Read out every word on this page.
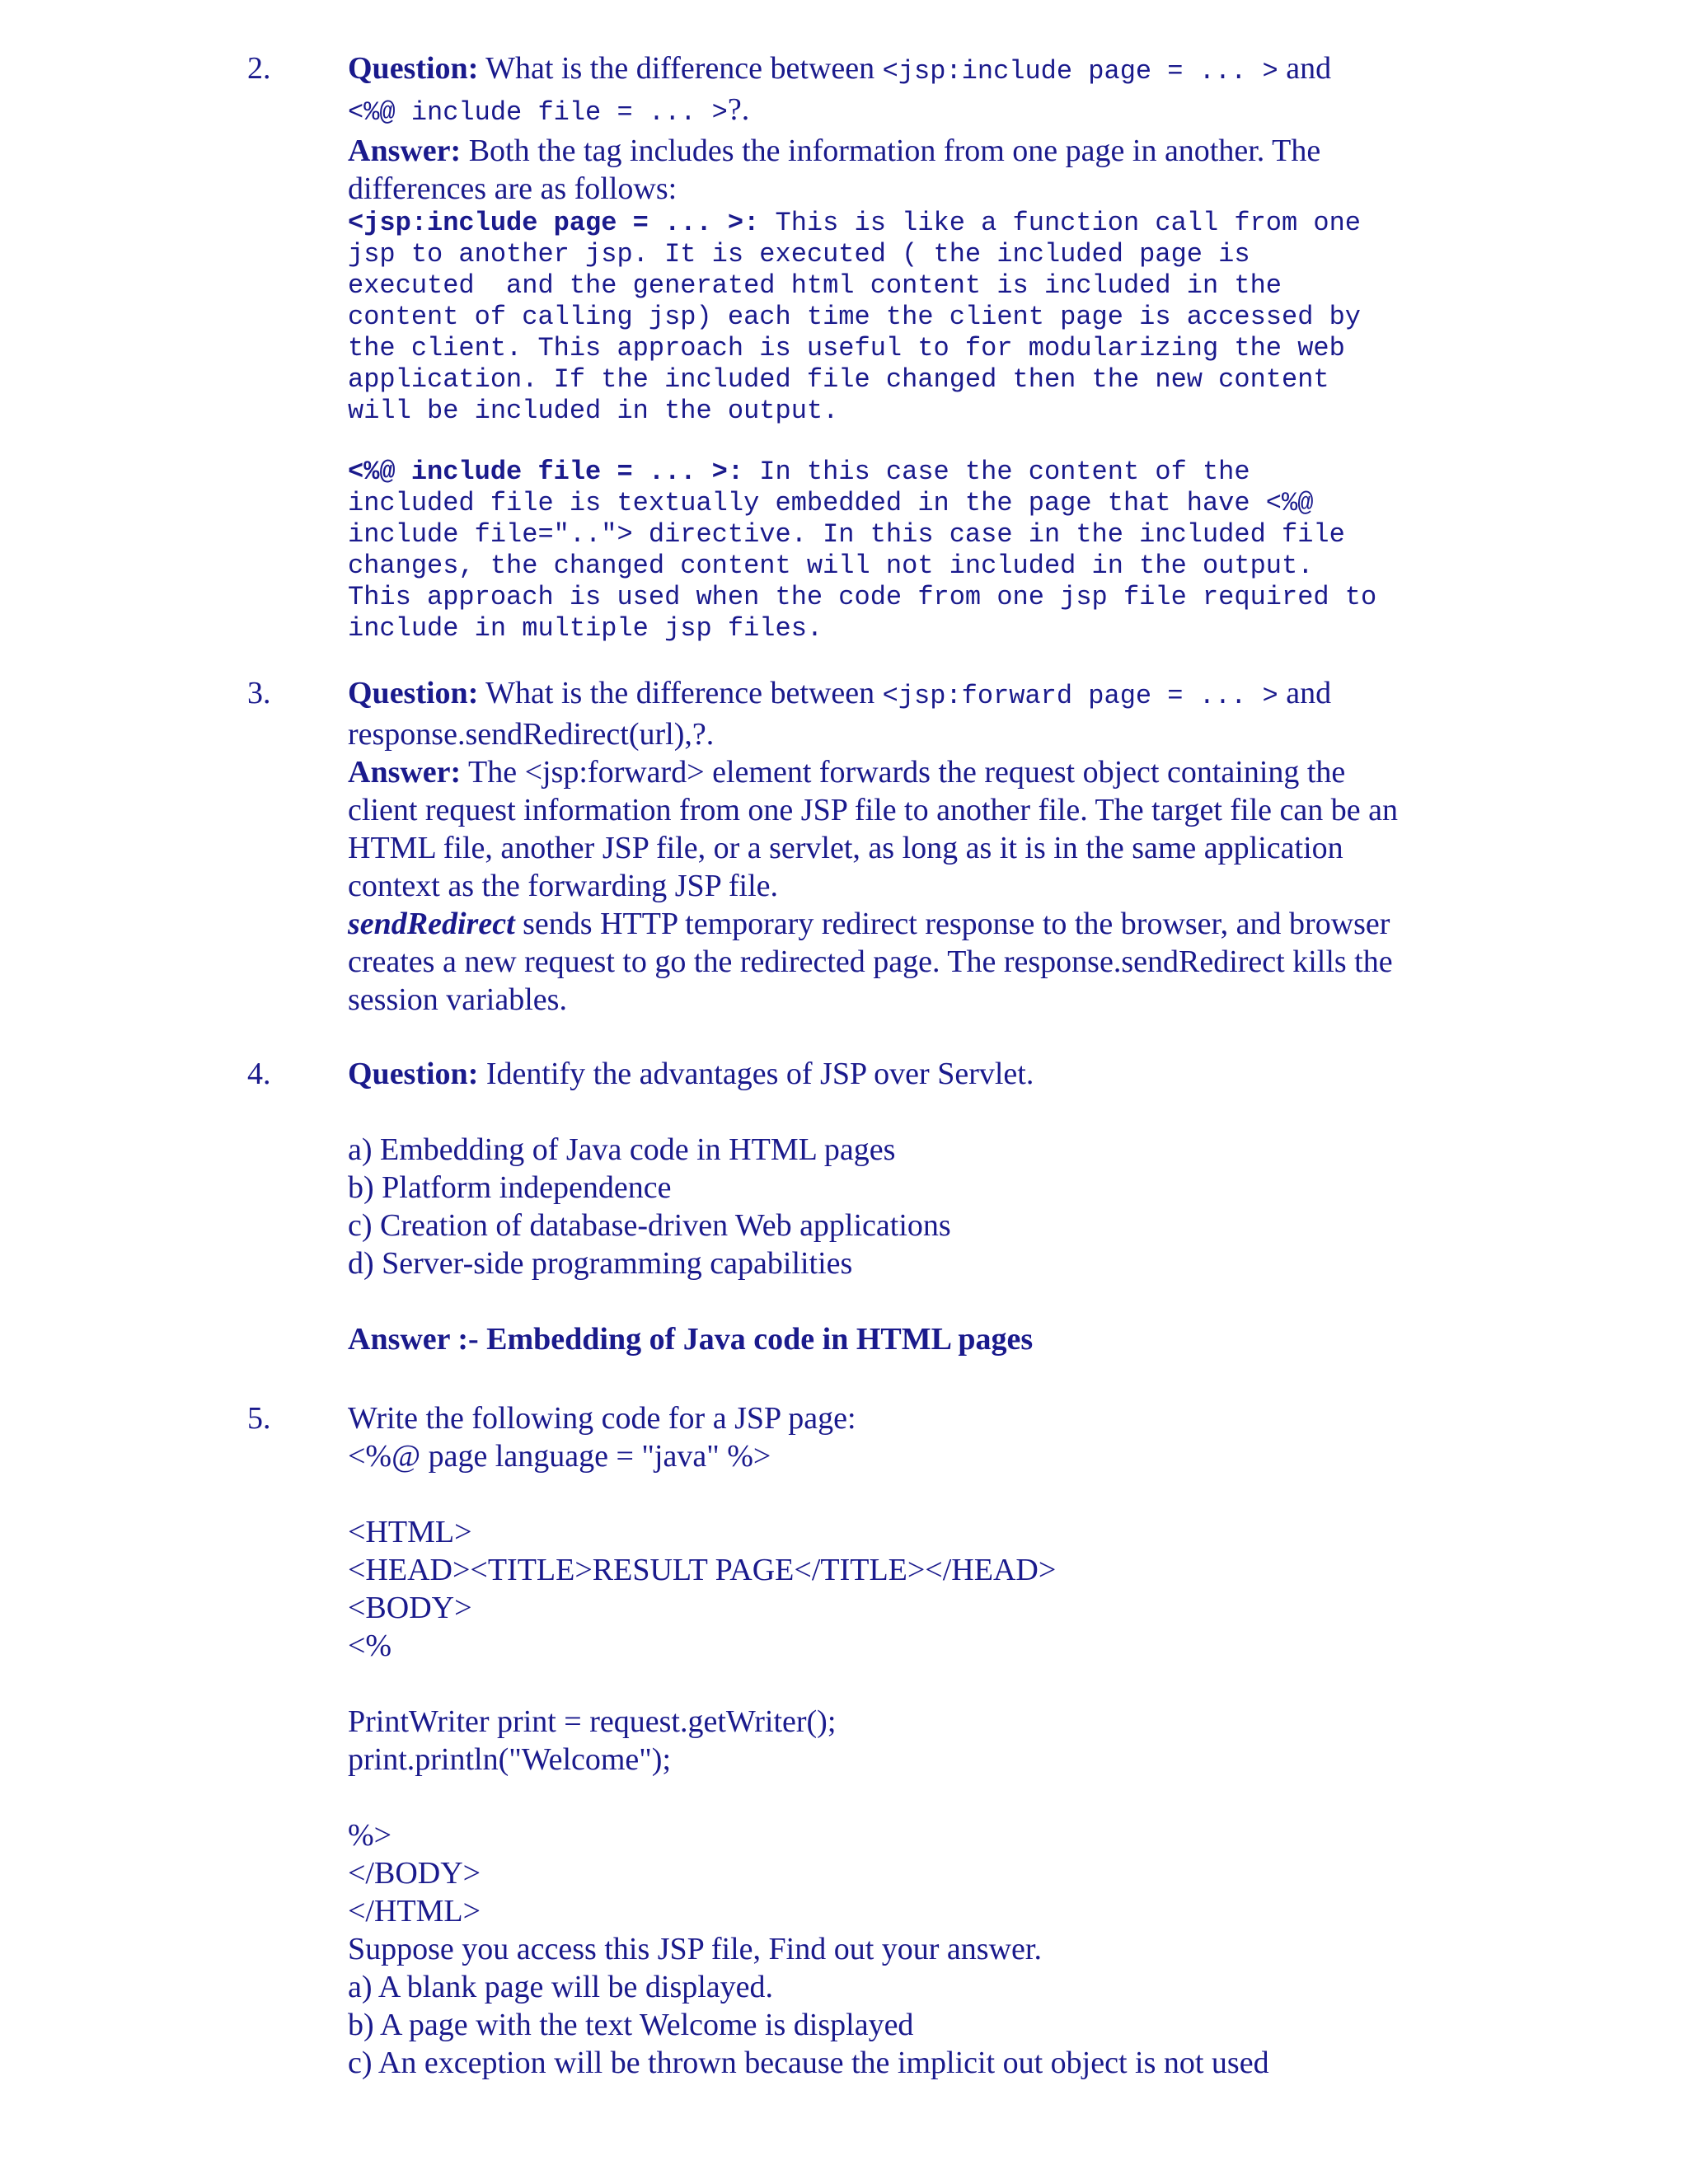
2. Question: What is the difference between <jsp:include page = ... > and
<%@ include file = ... >?.
Answer: Both the tag includes the information from one page in another. The
differences are as follows:
<jsp:include page = ... >: This is like a function call from one
jsp to another jsp. It is executed ( the included page is
executed  and the generated html content is included in the
content of calling jsp) each time the client page is accessed by
the client. This approach is useful to for modularizing the web
application. If the included file changed then the new content
will be included in the output.
<%@ include file = ... >: In this case the content of the
included file is textually embedded in the page that have <%@
include file=".."> directive. In this case in the included file
changes, the changed content will not included in the output.
This approach is used when the code from one jsp file required to
include in multiple jsp files.
3. Question: What is the difference between <jsp:forward page = ... > and
response.sendRedirect(url),?.
Answer: The <jsp:forward> element forwards the request object containing the
client request information from one JSP file to another file. The target file can be an
HTML file, another JSP file, or a servlet, as long as it is in the same application
context as the forwarding JSP file.
sendRedirect sends HTTP temporary redirect response to the browser, and browser
creates a new request to go the redirected page. The response.sendRedirect kills the
session variables.
4. Question: Identify the advantages of JSP over Servlet.
a) Embedding of Java code in HTML pages
b) Platform independence
c) Creation of database-driven Web applications
d) Server-side programming capabilities
Answer :- Embedding of Java code in HTML pages
5. Write the following code for a JSP page:
<%@ page language = "java" %>
<HTML>
<HEAD><TITLE>RESULT PAGE</TITLE></HEAD>
<BODY>
<%
PrintWriter print = request.getWriter();
print.println("Welcome");
%>
</BODY>
</HTML>
Suppose you access this JSP file, Find out your answer.
a) A blank page will be displayed.
b) A page with the text Welcome is displayed
c) An exception will be thrown because the implicit out object is not used
